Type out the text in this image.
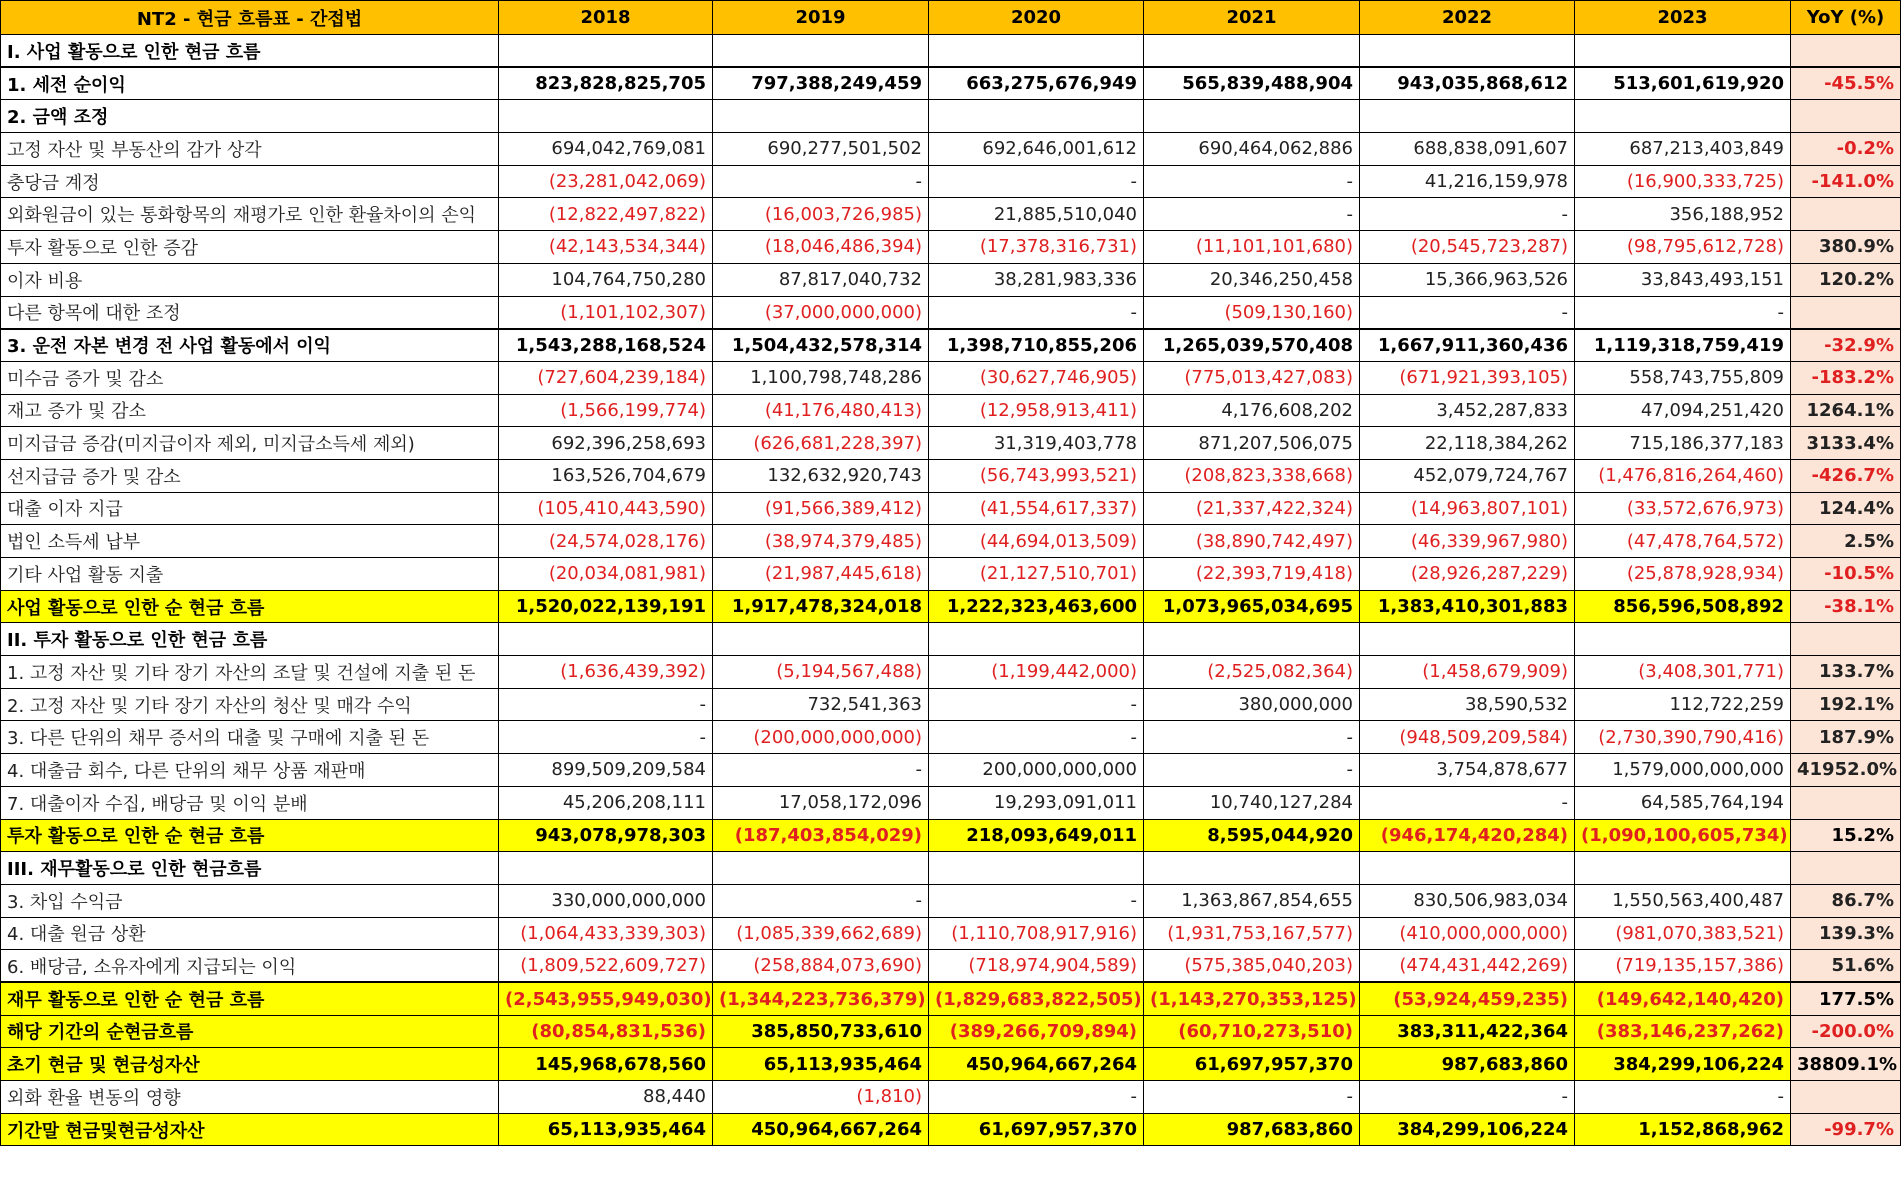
NT2 - 현금 흐름표 - 간접법	2018	2019	2020	2021	2022	2023	YoY (%)
I. 사업 활동으로 인한 현금 흐름							
1. 세전 순이익	823,828,825,705	797,388,249,459	663,275,676,949	565,839,488,904	943,035,868,612	513,601,619,920	-45.5%
2. 금액 조정							
고정 자산 및 부동산의 감가 상각	694,042,769,081	690,277,501,502	692,646,001,612	690,464,062,886	688,838,091,607	687,213,403,849	-0.2%
충당금 계정	(23,281,042,069)	-	-	-	41,216,159,978	(16,900,333,725)	-141.0%
외화원금이 있는 통화항목의 재평가로 인한 환율차이의 손익	(12,822,497,822)	(16,003,726,985)	21,885,510,040	-	-	356,188,952	
투자 활동으로 인한 증감	(42,143,534,344)	(18,046,486,394)	(17,378,316,731)	(11,101,101,680)	(20,545,723,287)	(98,795,612,728)	380.9%
이자 비용	104,764,750,280	87,817,040,732	38,281,983,336	20,346,250,458	15,366,963,526	33,843,493,151	120.2%
다른 항목에 대한 조정	(1,101,102,307)	(37,000,000,000)	-	(509,130,160)	-	-	
3. 운전 자본 변경 전 사업 활동에서 이익	1,543,288,168,524	1,504,432,578,314	1,398,710,855,206	1,265,039,570,408	1,667,911,360,436	1,119,318,759,419	-32.9%
미수금 증가 및 감소	(727,604,239,184)	1,100,798,748,286	(30,627,746,905)	(775,013,427,083)	(671,921,393,105)	558,743,755,809	-183.2%
재고 증가 및 감소	(1,566,199,774)	(41,176,480,413)	(12,958,913,411)	4,176,608,202	3,452,287,833	47,094,251,420	1264.1%
미지급금 증감(미지급이자 제외, 미지급소득세 제외)	692,396,258,693	(626,681,228,397)	31,319,403,778	871,207,506,075	22,118,384,262	715,186,377,183	3133.4%
선지급금 증가 및 감소	163,526,704,679	132,632,920,743	(56,743,993,521)	(208,823,338,668)	452,079,724,767	(1,476,816,264,460)	-426.7%
대출 이자 지급	(105,410,443,590)	(91,566,389,412)	(41,554,617,337)	(21,337,422,324)	(14,963,807,101)	(33,572,676,973)	124.4%
법인 소득세 납부	(24,574,028,176)	(38,974,379,485)	(44,694,013,509)	(38,890,742,497)	(46,339,967,980)	(47,478,764,572)	2.5%
기타 사업 활동 지출	(20,034,081,981)	(21,987,445,618)	(21,127,510,701)	(22,393,719,418)	(28,926,287,229)	(25,878,928,934)	-10.5%
사업 활동으로 인한 순 현금 흐름	1,520,022,139,191	1,917,478,324,018	1,222,323,463,600	1,073,965,034,695	1,383,410,301,883	856,596,508,892	-38.1%
II. 투자 활동으로 인한 현금 흐름							
1. 고정 자산 및 기타 장기 자산의 조달 및 건설에 지출 된 돈	(1,636,439,392)	(5,194,567,488)	(1,199,442,000)	(2,525,082,364)	(1,458,679,909)	(3,408,301,771)	133.7%
2. 고정 자산 및 기타 장기 자산의 청산 및 매각 수익	-	732,541,363	-	380,000,000	38,590,532	112,722,259	192.1%
3. 다른 단위의 채무 증서의 대출 및 구매에 지출 된 돈	-	(200,000,000,000)	-	-	(948,509,209,584)	(2,730,390,790,416)	187.9%
4. 대출금 회수, 다른 단위의 채무 상품 재판매	899,509,209,584	-	200,000,000,000	-	3,754,878,677	1,579,000,000,000	41952.0%
7. 대출이자 수집, 배당금 및 이익 분배	45,206,208,111	17,058,172,096	19,293,091,011	10,740,127,284	-	64,585,764,194	
투자 활동으로 인한 순 현금 흐름	943,078,978,303	(187,403,854,029)	218,093,649,011	8,595,044,920	(946,174,420,284)	(1,090,100,605,734)	15.2%
III. 재무활동으로 인한 현금흐름							
3. 차입 수익금	330,000,000,000	-	-	1,363,867,854,655	830,506,983,034	1,550,563,400,487	86.7%
4. 대출 원금 상환	(1,064,433,339,303)	(1,085,339,662,689)	(1,110,708,917,916)	(1,931,753,167,577)	(410,000,000,000)	(981,070,383,521)	139.3%
6. 배당금, 소유자에게 지급되는 이익	(1,809,522,609,727)	(258,884,073,690)	(718,974,904,589)	(575,385,040,203)	(474,431,442,269)	(719,135,157,386)	51.6%
재무 활동으로 인한 순 현금 흐름	(2,543,955,949,030)	(1,344,223,736,379)	(1,829,683,822,505)	(1,143,270,353,125)	(53,924,459,235)	(149,642,140,420)	177.5%
해당 기간의 순현금흐름	(80,854,831,536)	385,850,733,610	(389,266,709,894)	(60,710,273,510)	383,311,422,364	(383,146,237,262)	-200.0%
초기 현금 및 현금성자산	145,968,678,560	65,113,935,464	450,964,667,264	61,697,957,370	987,683,860	384,299,106,224	38809.1%
외화 환율 변동의 영향	88,440	(1,810)	-	-	-	-	
기간말 현금및현금성자산	65,113,935,464	450,964,667,264	61,697,957,370	987,683,860	384,299,106,224	1,152,868,962	-99.7%
